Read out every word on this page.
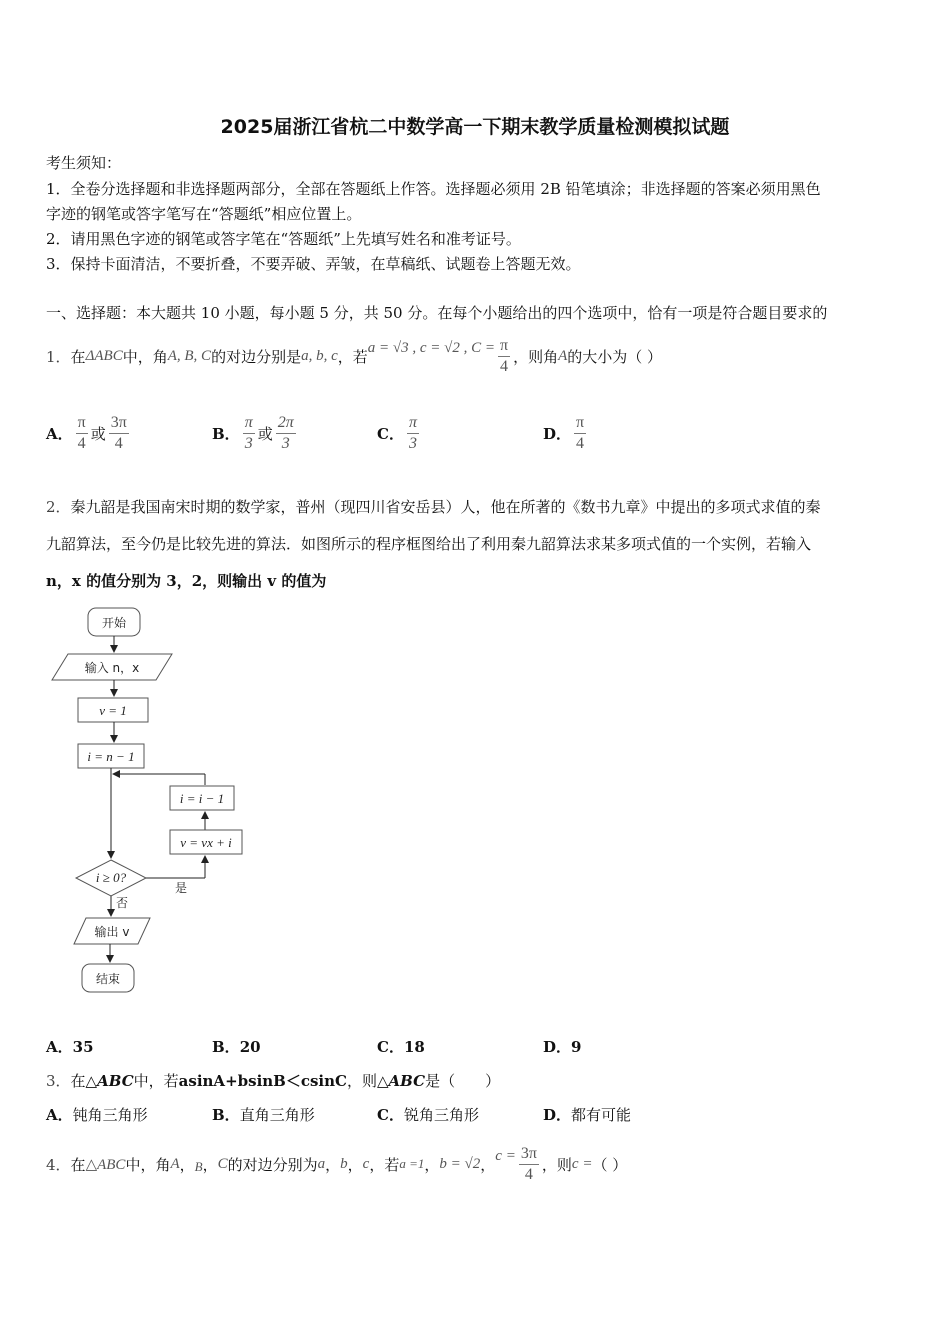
2025届浙江省杭二中数学高一下期末教学质量检测模拟试题
考生须知：
1．全卷分选择题和非选择题两部分，全部在答题纸上作答。选择题必须用 2B 铅笔填涂；非选择题的答案必须用黑色
字迹的钢笔或答字笔写在“答题纸”相应位置上。
2．请用黑色字迹的钢笔或答字笔在“答题纸”上先填写姓名和准考证号。
3．保持卡面清洁，不要折叠，不要弄破、弄皱，在草稿纸、试题卷上答题无效。
一、选择题：本大题共 10 小题，每小题 5 分，共 50 分。在每个小题给出的四个选项中，恰有一项是符合题目要求的
1． 在 ΔABC 中，角 A, B, C 的对边分别是 a, b, c ，若 a = √3 , c = √2 , $C = \frac{\pi}{4}$ ，则角 A 的大小为（ ）
A． $\frac{\pi}{4}$ 或 $\frac{3\pi}{4}$	B． $\frac{\pi}{3}$ 或 $\frac{2\pi}{3}$	C． $\frac{\pi}{3}$	D． $\frac{\pi}{4}$
2．秦九韶是我国南宋时期的数学家，普州（现四川省安岳县）人，他在所著的《数书九章》中提出的多项式求值的秦
九韶算法，至今仍是比较先进的算法．如图所示的程序框图给出了利用秦九韶算法求某多项式值的一个实例，若输入
n，x 的值分别为 3，2，则输出 v 的值为
开始
输入 n，x
v = 1
i = n − 1
i = i − 1
v = vx + i
i ≥ 0?
是
否
输出 v
结束
A．35	B．20	C．18	D．9
3．在△ABC中，若asinA+bsinB＜csinC，则△ABC是（　　）
A．钝角三角形	B．直角三角形	C．锐角三角形	D．都有可能
4． 在 △ABC 中，角 A ， B ， C 的对边分别为 a ， b ， c ，若 a =1 ， b = √2 ， $c = \frac{3\pi}{4}$ ，则 c = （ ）
